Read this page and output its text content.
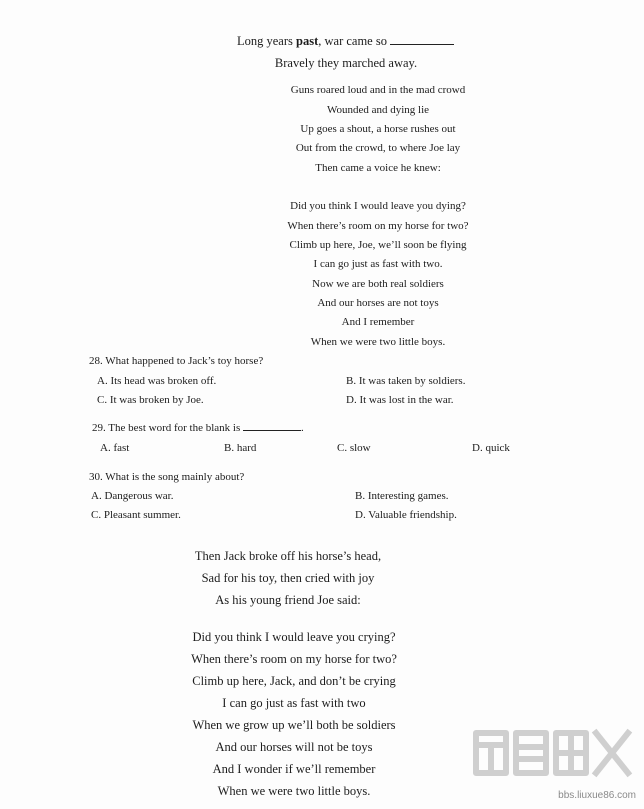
Long years past, war came so
Bravely they marched away.
Guns roared loud and in the mad crowd
Wounded and dying lie
Up goes a shout, a horse rushes out
Out from the crowd, to where Joe lay
Then came a voice he knew:
Did you think I would leave you dying?
When there’s room on my horse for two?
Climb up here, Joe, we’ll soon be flying
I can go just as fast with two.
Now we are both real soldiers
And our horses are not toys
And I remember
When we were two little boys.
28. What happened to Jack’s toy horse?
A. Its head was broken off.	B. It was taken by soldiers.
C. It was broken by Joe.	D. It was lost in the war.
29. The best word for the blank is	.
A. fast	B. hard	C. slow	D. quick
30. What is the song mainly about?
A. Dangerous war.	B. Interesting games.
C. Pleasant summer.	D. Valuable friendship.
Then Jack broke off his horse’s head,
Sad for his toy, then cried with joy
As his young friend Joe said:
Did you think I would leave you crying?
When there’s room on my horse for two?
Climb up here, Jack, and don’t be crying
I can go just as fast with two
When we grow up we’ll both be soldiers
And our horses will not be toys
And I wonder if we’ll remember
When we were two little boys.	bbs.liuxue86.com
